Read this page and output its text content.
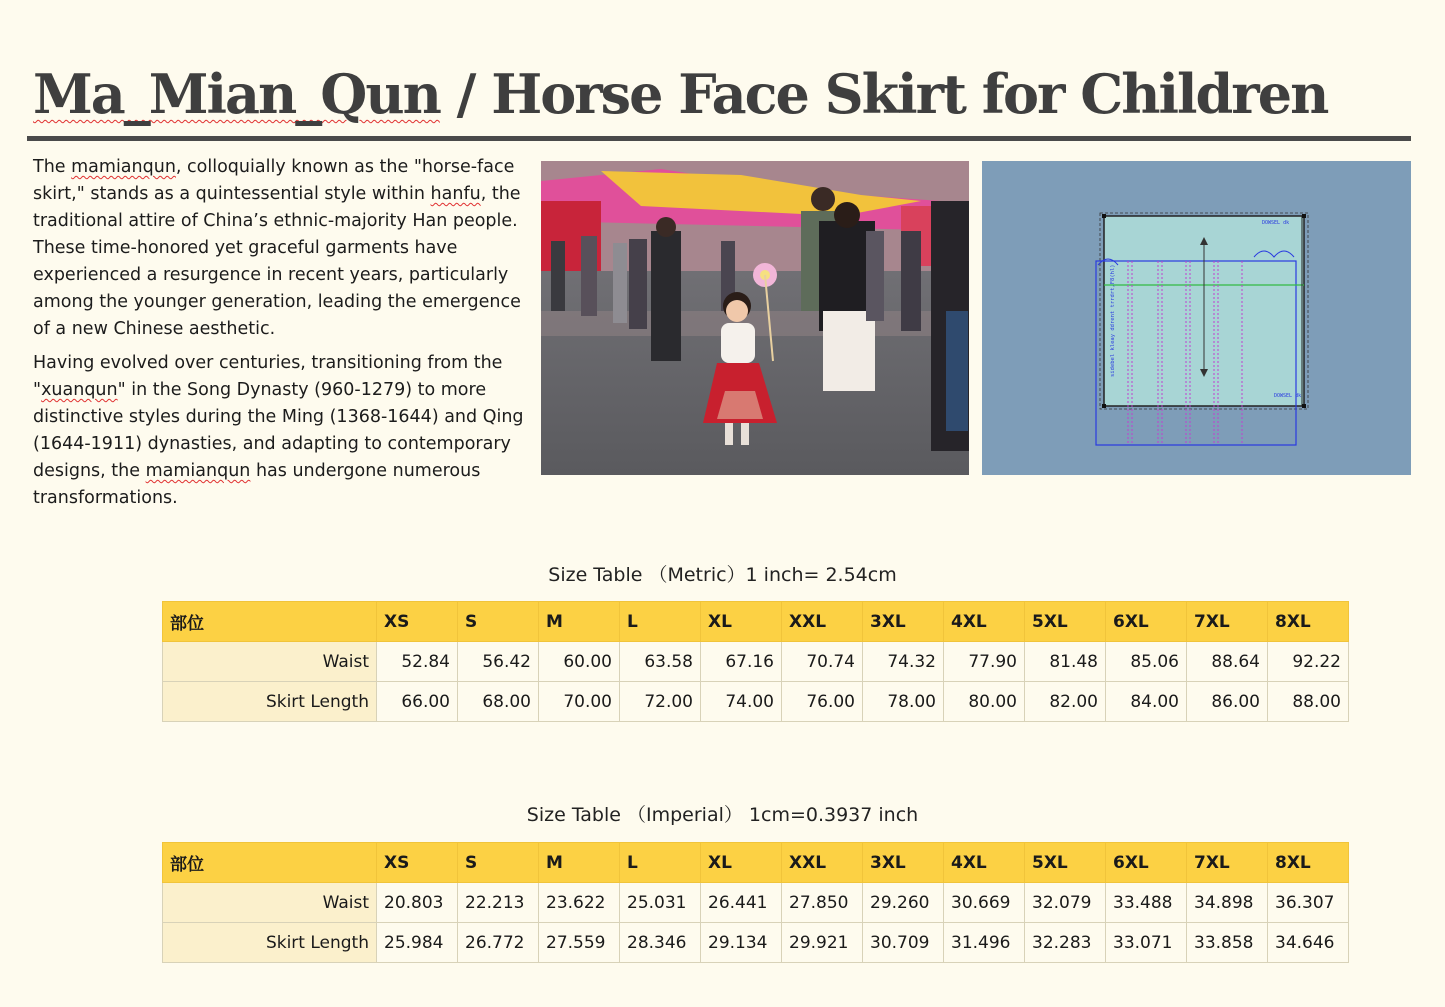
Ma_Mian_Qun / Horse Face Skirt for Children

The mamianqun, colloquially known as the "horse-face skirt," stands as a quintessential style within hanfu, the traditional attire of China’s ethnic-majority Han people. These time-honored yet graceful garments have experienced a resurgence in recent years, particularly among the younger generation, leading the emergence of a new Chinese aesthetic.

Having evolved over centuries, transitioning from the "xuanqun" in the Song Dynasty (960-1279) to more distinctive styles during the Ming (1368-1644) and Qing (1644-1911) dynasties, and adapting to contemporary designs, the mamianqun has undergone numerous transformations.

DOWSEL dk
DOWSEL dk
sidebel kleay ddrent trrdrt,F8(hl)
Size Table （Metric）1 inch= 2.54cm
部位	XS	S	M	L	XL	XXL	3XL	4XL	5XL	6XL	7XL	8XL
Waist	52.84	56.42	60.00	63.58	67.16	70.74	74.32	77.90	81.48	85.06	88.64	92.22
Skirt Length	66.00	68.00	70.00	72.00	74.00	76.00	78.00	80.00	82.00	84.00	86.00	88.00
Size Table （Imperial） 1cm=0.3937 inch
部位	XS	S	M	L	XL	XXL	3XL	4XL	5XL	6XL	7XL	8XL
Waist	20.803	22.213	23.622	25.031	26.441	27.850	29.260	30.669	32.079	33.488	34.898	36.307
Skirt Length	25.984	26.772	27.559	28.346	29.134	29.921	30.709	31.496	32.283	33.071	33.858	34.646
